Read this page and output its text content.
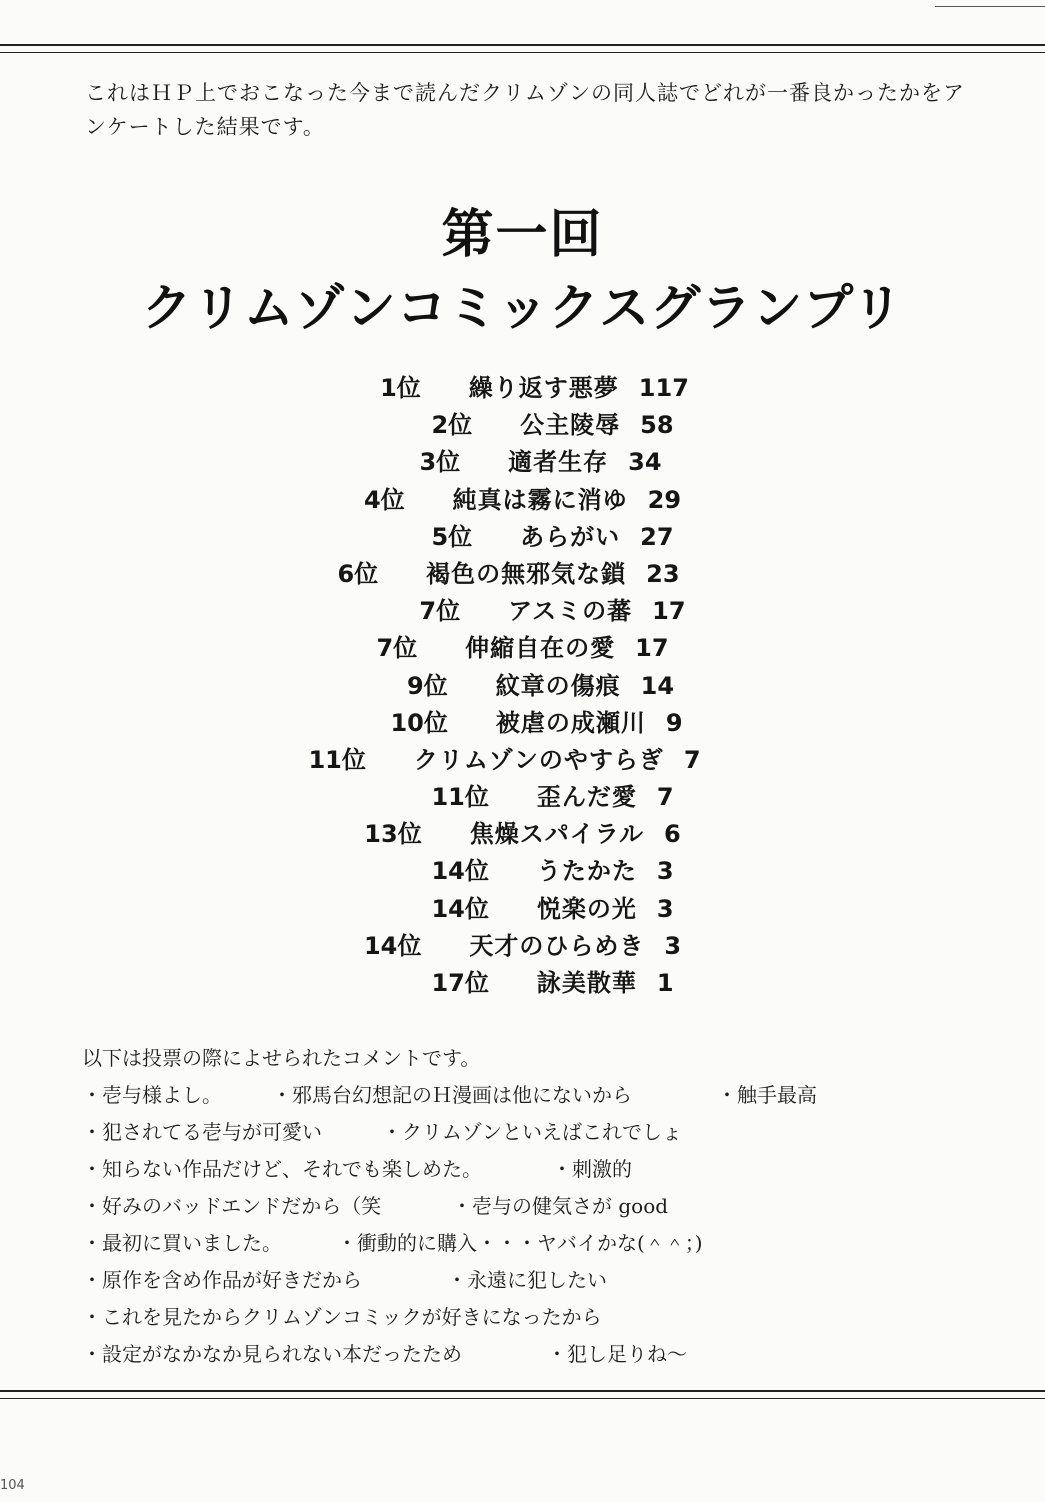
これはＨＰ上でおこなった今まで読んだクリムゾンの同人誌でどれが一番良かったかをア
ンケートした結果です。
第一回
クリムゾンコミックスグランプリ
1位 繰り返す悪夢 117
2位 公主陵辱 58
3位 適者生存 34
4位 純真は霧に消ゆ 29
5位 あらがい 27
6位 褐色の無邪気な鎖 23
7位 アスミの蕃 17
7位 伸縮自在の愛 17
9位 紋章の傷痕 14
10位 被虐の成瀬川 9
11位 クリムゾンのやすらぎ 7
11位 歪んだ愛 7
13位 焦燥スパイラル 6
14位 うたかた 3
14位 悦楽の光 3
14位 天才のひらめき 3
17位 詠美散華 1
以下は投票の際によせられたコメントです。
・壱与様よし。	・邪馬台幻想記のＨ漫画は他にないから	・触手最高
・犯されてる壱与が可愛い	・クリムゾンといえばこれでしょ
・知らない作品だけど、それでも楽しめた。	・刺激的
・好みのバッドエンドだから（笑	・壱与の健気さが good
・最初に買いました。	・衝動的に購入・・・ヤバイかな(＾＾；)
・原作を含め作品が好きだから	・永遠に犯したい
・これを見たからクリムゾンコミックが好きになったから
・設定がなかなか見られない本だったため	・犯し足りね～
104
